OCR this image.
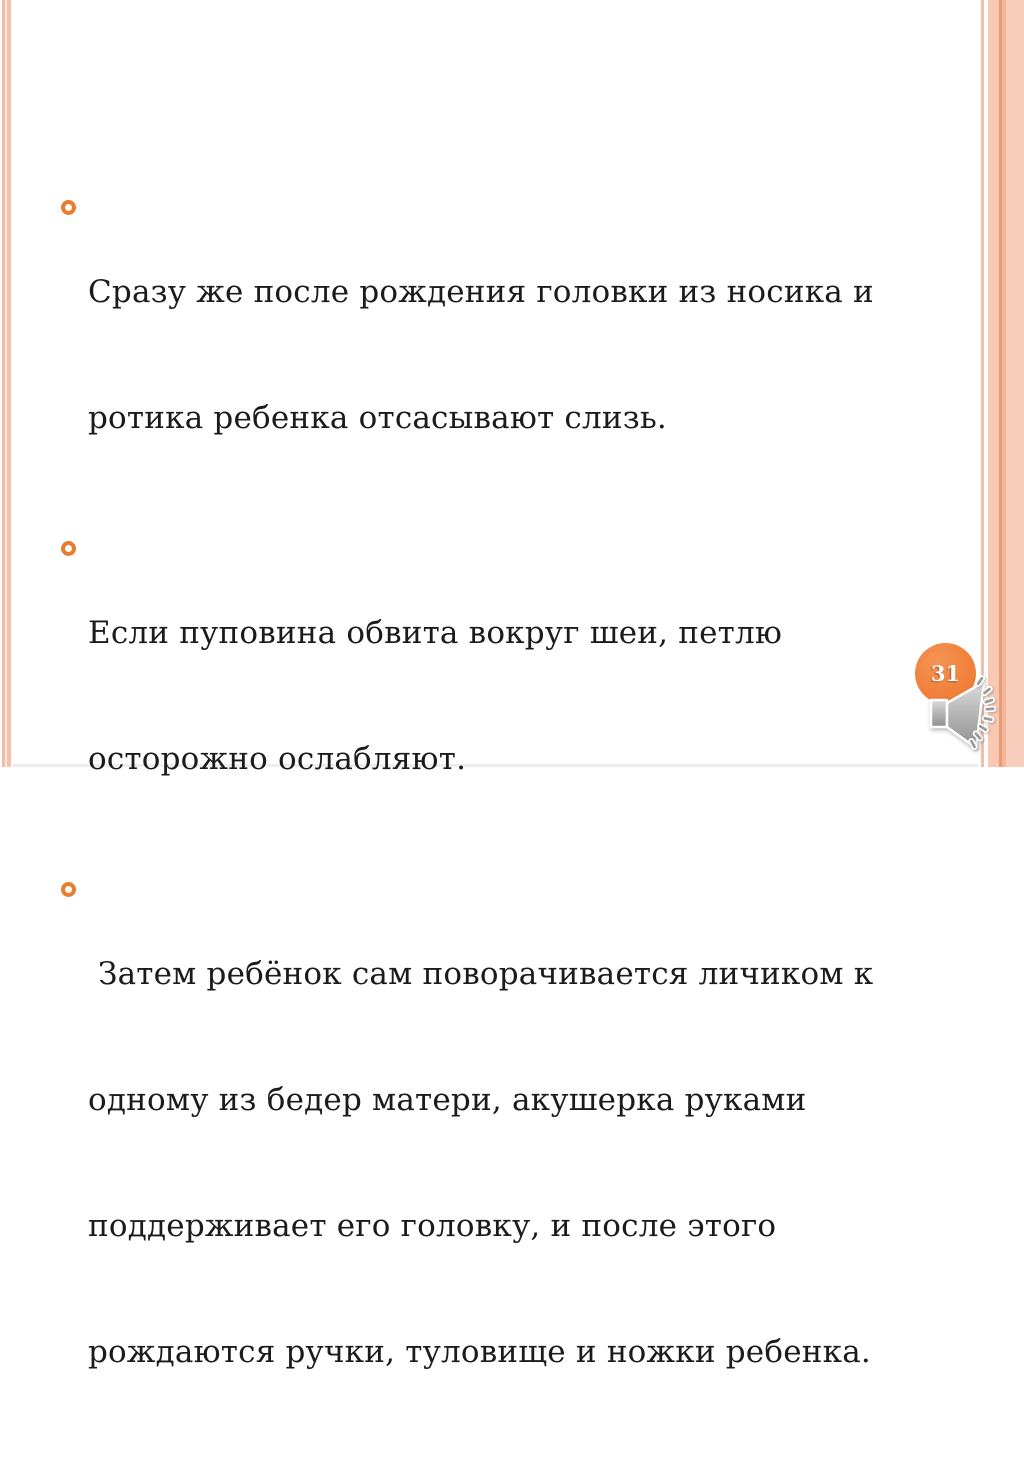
Сразу же после рождения головки из носика и

ротика ребенка отсасывают слизь.

Если пуповина обвита вокруг шеи, петлю

осторожно ослабляют.

Затем ребёнок сам поворачивается личиком к

одному из бедер матери, акушерка руками

поддерживает его головку, и после этого

рождаются ручки, туловище и ножки ребенка.

31
